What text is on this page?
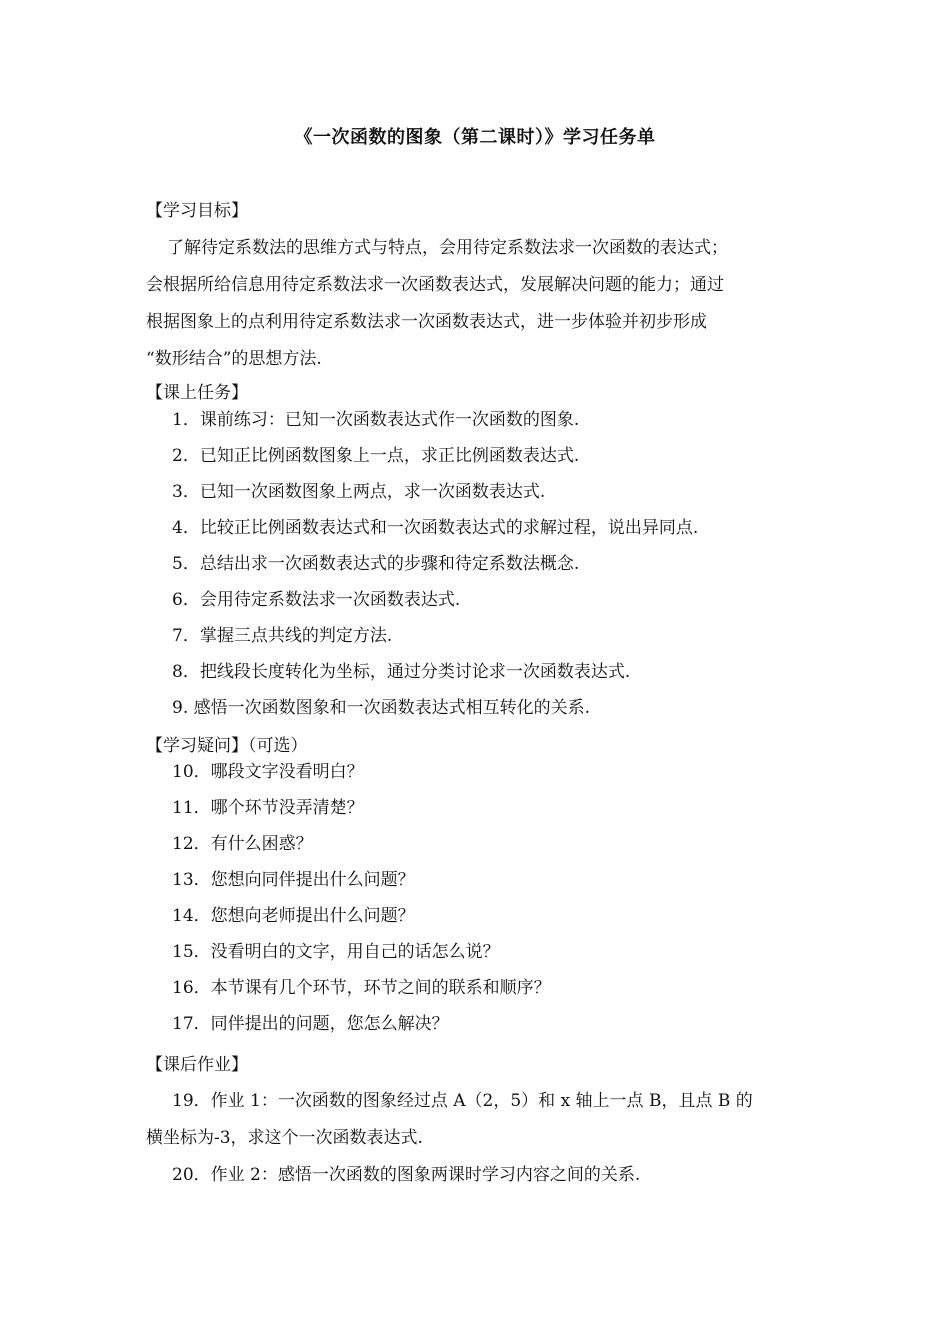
《一次函数的图象（第二课时）》学习任务单
【学习目标】
了解待定系数法的思维方式与特点，会用待定系数法求一次函数的表达式；
会根据所给信息用待定系数法求一次函数表达式，发展解决问题的能力；通过
根据图象上的点利用待定系数法求一次函数表达式，进一步体验并初步形成
“数形结合”的思想方法.
【课上任务】
1．课前练习：已知一次函数表达式作一次函数的图象.
2．已知正比例函数图象上一点，求正比例函数表达式.
3．已知一次函数图象上两点，求一次函数表达式.
4．比较正比例函数表达式和一次函数表达式的求解过程，说出异同点.
5．总结出求一次函数表达式的步骤和待定系数法概念.
6．会用待定系数法求一次函数表达式.
7．掌握三点共线的判定方法.
8．把线段长度转化为坐标，通过分类讨论求一次函数表达式.
9. 感悟一次函数图象和一次函数表达式相互转化的关系.
【学习疑问】（可选）
10．哪段文字没看明白？
11．哪个环节没弄清楚？
12．有什么困惑？
13．您想向同伴提出什么问题？
14．您想向老师提出什么问题？
15．没看明白的文字，用自己的话怎么说？
16．本节课有几个环节，环节之间的联系和顺序？
17．同伴提出的问题，您怎么解决？
【课后作业】
19．作业 1：一次函数的图象经过点 A（2，5）和 x 轴上一点 B，且点 B 的
横坐标为-3，求这个一次函数表达式.
20．作业 2：感悟一次函数的图象两课时学习内容之间的关系.
